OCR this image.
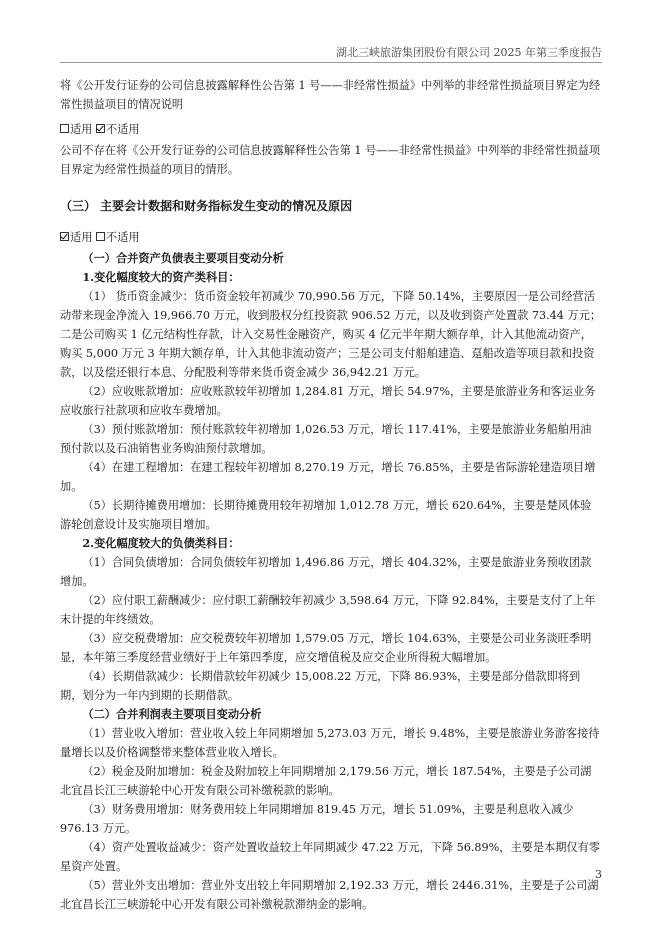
湖北三峡旅游集团股份有限公司 2025 年第三季度报告

将《公开发行证券的公司信息披露解释性公告第 1 号——非经常性损益》中列举的非经常性损益项目界定为经常性损益项目的情况说明

适用 不适用

公司不存在将《公开发行证券的公司信息披露解释性公告第 1 号——非经常性损益》中列举的非经常性损益项目界定为经常性损益的项目的情形。

（三） 主要会计数据和财务指标发生变动的情况及原因

适用 不适用

（一）合并资产负债表主要项目变动分析

1.变化幅度较大的资产类科目：

（1） 货币资金减少：货币资金较年初减少 70,990.56 万元，下降 50.14%，主要原因一是公司经营活动带来现金净流入 19,966.70 万元，收到股权分红投资款 906.52 万元，以及收到资产处置款 73.44 万元；二是公司购买 1 亿元结构性存款，计入交易性金融资产，购买 4 亿元半年期大额存单，计入其他流动资产，购买 5,000 万元 3 年期大额存单，计入其他非流动资产；三是公司支付船舶建造、趸船改造等项目款和投资款，以及偿还银行本息、分配股利等带来货币资金减少 36,942.21 万元。

（2）应收账款增加：应收账款较年初增加 1,284.81 万元，增长 54.97%，主要是旅游业务和客运业务应收旅行社款项和应收车费增加。

（3）预付账款增加：预付账款较年初增加 1,026.53 万元，增长 117.41%，主要是旅游业务船舶用油预付款以及石油销售业务购油预付款增加。

（4）在建工程增加：在建工程较年初增加 8,270.19 万元，增长 76.85%，主要是省际游轮建造项目增加。

（5）长期待摊费用增加：长期待摊费用较年初增加 1,012.78 万元，增长 620.64%，主要是楚风体验游轮创意设计及实施项目增加。

2.变化幅度较大的负债类科目：

（1）合同负债增加：合同负债较年初增加 1,496.86 万元，增长 404.32%，主要是旅游业务预收团款增加。

（2）应付职工薪酬减少：应付职工薪酬较年初减少 3,598.64 万元，下降 92.84%，主要是支付了上年末计提的年终绩效。

（3）应交税费增加：应交税费较年初增加 1,579.05 万元，增长 104.63%，主要是公司业务淡旺季明显，本年第三季度经营业绩好于上年第四季度，应交增值税及应交企业所得税大幅增加。

（4）长期借款减少：长期借款较年初减少 15,008.22 万元，下降 86.93%，主要是部分借款即将到期，划分为一年内到期的长期借款。

（二）合并利润表主要项目变动分析

（1）营业收入增加：营业收入较上年同期增加 5,273.03 万元，增长 9.48%，主要是旅游业务游客接待量增长以及价格调整带来整体营业收入增长。

（2）税金及附加增加：税金及附加较上年同期增加 2,179.56 万元，增长 187.54%，主要是子公司湖北宜昌长江三峡游轮中心开发有限公司补缴税款的影响。

（3）财务费用增加：财务费用较上年同期增加 819.45 万元，增长 51.09%，主要是利息收入减少 976.13 万元。

（4）资产处置收益减少：资产处置收益较上年同期减少 47.22 万元，下降 56.89%，主要是本期仅有零星资产处置。

（5）营业外支出增加：营业外支出较上年同期增加 2,192.33 万元，增长 2446.31%，主要是子公司湖北宜昌长江三峡游轮中心开发有限公司补缴税款滞纳金的影响。

3
